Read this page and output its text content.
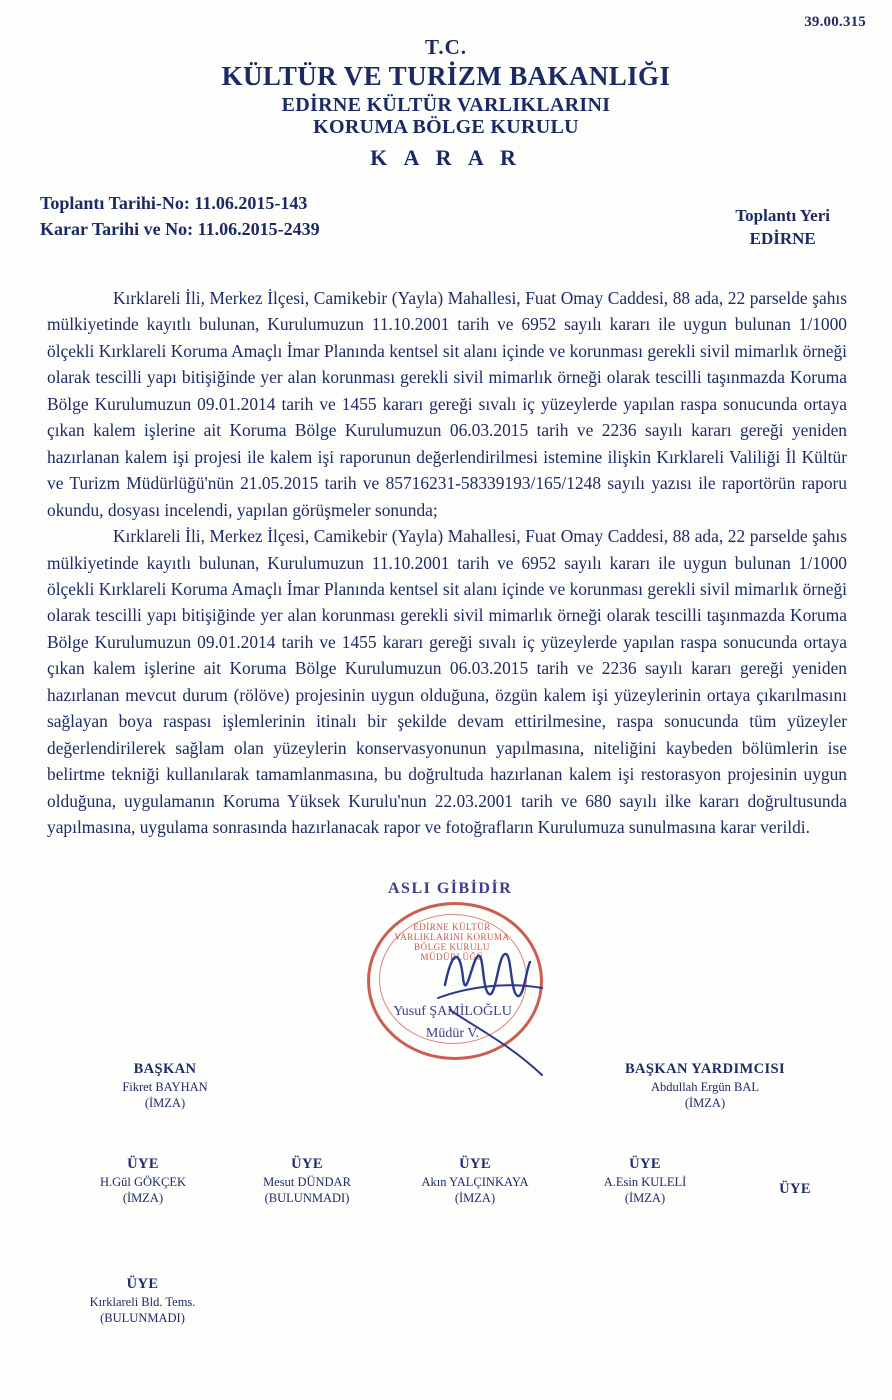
39.00.315
T.C.
KÜLTÜR VE TURİZM BAKANLIĞI
EDİRNE KÜLTÜR VARLIKLARINI
KORUMA BÖLGE KURULU
K A R A R
Toplantı Tarihi-No: 11.06.2015-143
Karar Tarihi ve No: 11.06.2015-2439
Toplantı Yeri
EDİRNE

Kırklareli İli, Merkez İlçesi, Camikebir (Yayla) Mahallesi, Fuat Omay Caddesi, 88 ada, 22 parselde şahıs mülkiyetinde kayıtlı bulunan, Kurulumuzun 11.10.2001 tarih ve 6952 sayılı kararı ile uygun bulunan 1/1000 ölçekli Kırklareli Koruma Amaçlı İmar Planında kentsel sit alanı içinde ve korunması gerekli sivil mimarlık örneği olarak tescilli yapı bitişiğinde yer alan korunması gerekli sivil mimarlık örneği olarak tescilli taşınmazda Koruma Bölge Kurulumuzun 09.01.2014 tarih ve 1455 kararı gereği sıvalı iç yüzeylerde yapılan raspa sonucunda ortaya çıkan kalem işlerine ait Koruma Bölge Kurulumuzun 06.03.2015 tarih ve 2236 sayılı kararı gereği yeniden hazırlanan kalem işi projesi ile kalem işi raporunun değerlendirilmesi istemine ilişkin Kırklareli Valiliği İl Kültür ve Turizm Müdürlüğü'nün 21.05.2015 tarih ve 85716231-58339193/165/1248 sayılı yazısı ile raportörün raporu okundu, dosyası incelendi, yapılan görüşmeler sonunda;

Kırklareli İli, Merkez İlçesi, Camikebir (Yayla) Mahallesi, Fuat Omay Caddesi, 88 ada, 22 parselde şahıs mülkiyetinde kayıtlı bulunan, Kurulumuzun 11.10.2001 tarih ve 6952 sayılı kararı ile uygun bulunan 1/1000 ölçekli Kırklareli Koruma Amaçlı İmar Planında kentsel sit alanı içinde ve korunması gerekli sivil mimarlık örneği olarak tescilli yapı bitişiğinde yer alan korunması gerekli sivil mimarlık örneği olarak tescilli taşınmazda Koruma Bölge Kurulumuzun 09.01.2014 tarih ve 1455 kararı gereği sıvalı iç yüzeylerde yapılan raspa sonucunda ortaya çıkan kalem işlerine ait Koruma Bölge Kurulumuzun 06.03.2015 tarih ve 2236 sayılı kararı gereği yeniden hazırlanan mevcut durum (rölöve) projesinin uygun olduğuna, özgün kalem işi yüzeylerinin ortaya çıkarılmasını sağlayan boya raspası işlemlerinin itinalı bir şekilde devam ettirilmesine, raspa sonucunda tüm yüzeyler değerlendirilerek sağlam olan yüzeylerin konservasyonunun yapılmasına, niteliğini kaybeden bölümlerin ise belirtme tekniği kullanılarak tamamlanmasına, bu doğrultuda hazırlanan kalem işi restorasyon projesinin uygun olduğuna, uygulamanın Koruma Yüksek Kurulu'nun 22.03.2001 tarih ve 680 sayılı ilke kararı doğrultusunda yapılmasına, uygulama sonrasında hazırlanacak rapor ve fotoğrafların Kurulumuza sunulmasına karar verildi.

ASLI GİBİDİR
EDİRNE KÜLTÜR VARLIKLARINI KORUMA BÖLGE KURULU MÜDÜRLÜĞÜ
Yusuf ŞAMİLOĞLU
Müdür V.
BAŞKAN
Fikret BAYHAN
(İMZA)
BAŞKAN YARDIMCISI
Abdullah Ergün BAL
(İMZA)
ÜYE
H.Gül GÖKÇEK
(İMZA)
ÜYE
Mesut DÜNDAR
(BULUNMADI)
ÜYE
Akın YALÇINKAYA
(İMZA)
ÜYE
A.Esin KULELİ
(İMZA)
ÜYE
ÜYE
Kırklareli Bld. Tems.
(BULUNMADI)
